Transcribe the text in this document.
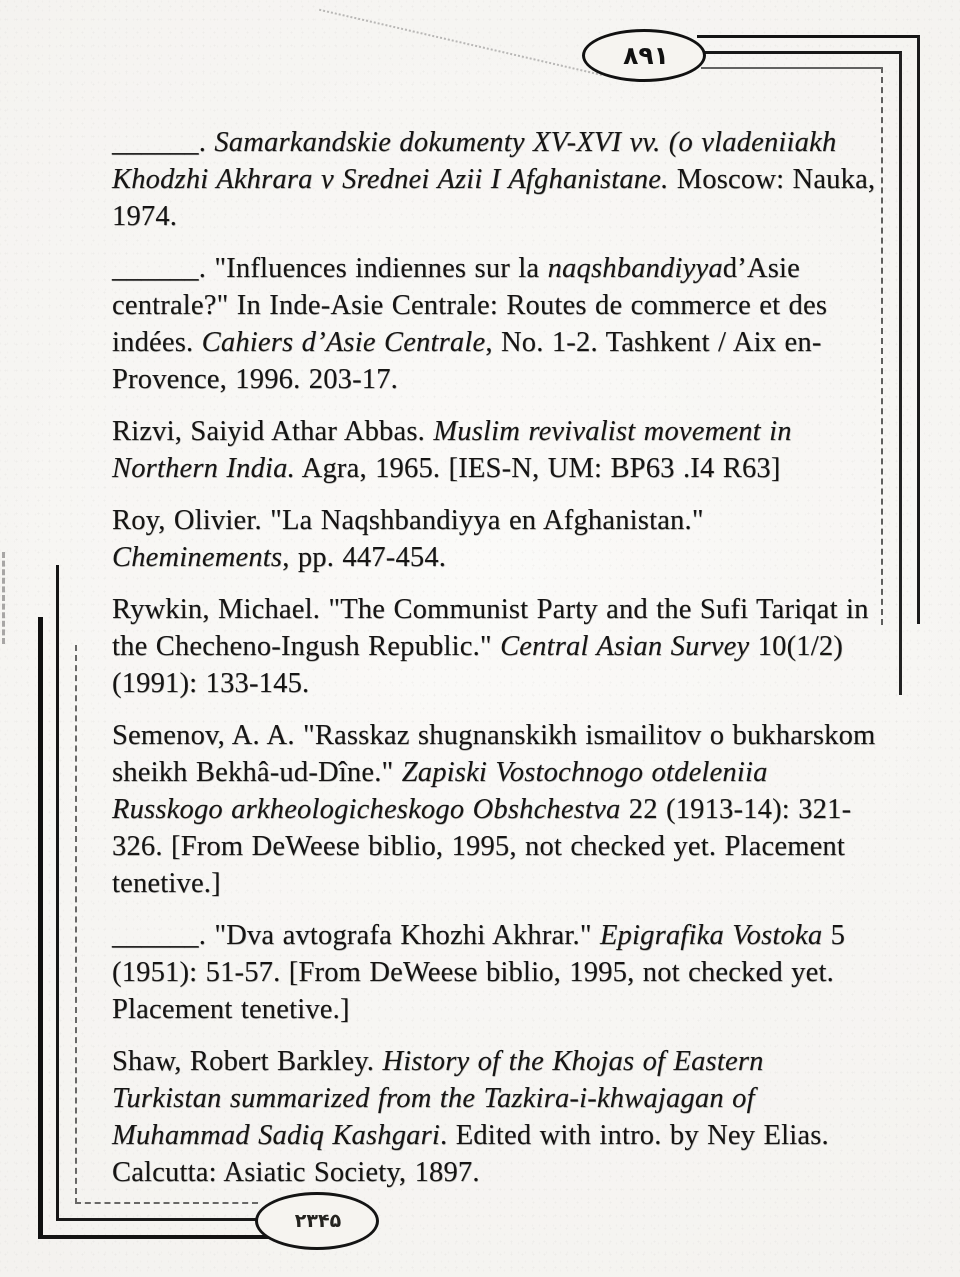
٨٩١
۲۳۴۵

______. Samarkandskie dokumenty XV-XVI vv. (o vladeniiakh Khodzhi Akhrara v Srednei Azii I Afghanistane. Moscow: Nauka, 1974.

______. "Influences indiennes sur la naqshbandiyyad’Asie centrale?" In Inde-Asie Centrale: Routes de commerce et des indées. Cahiers d’Asie Centrale, No. 1-2. Tashkent / Aix en-Provence, 1996. 203-17.

Rizvi, Saiyid Athar Abbas. Muslim revivalist movement in Northern India. Agra, 1965. [IES-N, UM: BP63 .I4 R63]

Roy, Olivier. "La Naqshbandiyya en Afghanistan." Cheminements, pp. 447-454.

Rywkin, Michael. "The Communist Party and the Sufi Tariqat in the Checheno-Ingush Republic." Central Asian Survey 10(1/2) (1991): 133-145.

Semenov, A. A. "Rasskaz shugnanskikh ismailitov o bukharskom sheikh Bekhâ-ud-Dîne." Zapiski Vostochnogo otdeleniia Russkogo arkheologicheskogo Obshchestva 22 (1913-14): 321-326. [From DeWeese biblio, 1995, not checked yet. Placement tenetive.]

______. "Dva avtografa Khozhi Akhrar." Epigrafika Vostoka 5 (1951): 51-57. [From DeWeese biblio, 1995, not checked yet. Placement tenetive.]

Shaw, Robert Barkley. History of the Khojas of Eastern Turkistan summarized from the Tazkira-i-khwajagan of Muhammad Sadiq Kashgari. Edited with intro. by Ney Elias. Calcutta: Asiatic Society, 1897.
